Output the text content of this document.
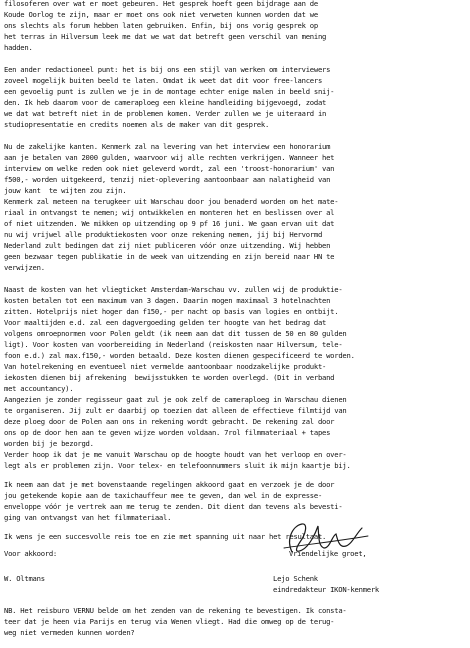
filosoferen over wat er moet gebeuren. Het gesprek hoeft geen bijdrage aan de
Koude Oorlog te zijn, maar er moet ons ook niet verweten kunnen worden dat we
ons slechts als forum hebben laten gebruiken. Enfin, bij ons vorig gesprek op
het terras in Hilversum leek me dat we wat dat betreft geen verschil van mening
hadden.
Een ander redactioneel punt: het is bij ons een stijl van werken om interviewers
zoveel mogelijk buiten beeld te laten. Omdat ik weet dat dit voor free-lancers
een gevoelig punt is zullen we je in de montage echter enige malen in beeld snij-
den. Ik heb daarom voor de cameraploeg een kleine handleiding bijgevoegd, zodat
we dat wat betreft niet in de problemen komen. Verder zullen we je uiteraard in
studiopresentatie en credits noemen als de maker van dit gesprek.
Nu de zakelijke kanten. Kenmerk zal na levering van het interview een honorarium
aan je betalen van 2000 gulden, waarvoor wij alle rechten verkrijgen. Wanneer het
interview om welke reden ook niet geleverd wordt, zal een 'troost-honorarium' van
f500,- worden uitgekeerd, tenzij niet-oplevering aantoonbaar aan nalatigheid van
jouw kant  te wijten zou zijn.
Kenmerk zal meteen na terugkeer uit Warschau door jou benaderd worden om het mate-
riaal in ontvangst te nemen; wij ontwikkelen en monteren het en beslissen over al
of niet uitzenden. We mikken op uitzending op 9 pf 16 juni. We gaan ervan uit dat
nu wij vrijwel alle produktiekosten voor onze rekening nemen, jij bij Hervormd
Nederland zult bedingen dat zij niet publiceren vóór onze uitzending. Wij hebben
geen bezwaar tegen publikatie in de week van uitzending en zijn bereid naar HN te
verwijzen.
Naast de kosten van het vliegticket Amsterdam-Warschau vv. zullen wij de produktie-
kosten betalen tot een maximum van 3 dagen. Daarin mogen maximaal 3 hotelnachten
zitten. Hotelprijs niet hoger dan f150,- per nacht op basis van logies en ontbijt.
Voor maaltijden e.d. zal een dagvergoeding gelden ter hoogte van het bedrag dat
volgens omroepnormen voor Polen geldt (ik neem aan dat dit tussen de 50 en 80 gulden
ligt). Voor kosten van voorbereiding in Nederland (reiskosten naar Hilversum, tele-
foon e.d.) zal max.f150,- worden betaald. Deze kosten dienen gespecificeerd te worden.
Van hotelrekening en eventueel niet vermelde aantoonbaar noodzakelijke produkt-
iekosten dienen bij afrekening  bewijsstukken te worden overlegd. (Dit in verband
met accountancy).
Aangezien je zonder regisseur gaat zul je ook zelf de cameraploeg in Warschau dienen
te organiseren. Jij zult er daarbij op toezien dat alleen de effectieve filmtijd van
deze ploeg door de Polen aan ons in rekening wordt gebracht. De rekening zal door
ons op de door hen aan te geven wijze worden voldaan. 7rol filmmateriaal + tapes
worden bij je bezorgd.
Verder hoop ik dat je me vanuit Warschau op de hoogte houdt van het verloop en over-
legt als er problemen zijn. Voor telex- en telefoonnummers sluit ik mijn kaartje bij.
Ik neem aan dat je met bovenstaande regelingen akkoord gaat en verzoek je de door
jou getekende kopie aan de taxichauffeur mee te geven, dan wel in de expresse-
enveloppe vóór je vertrek aan me terug te zenden. Dit dient dan tevens als bevesti-
ging van ontvangst van het filmmateriaal.
Ik wens je een succesvolle reis toe en zie met spanning uit naar het resultaat.
Voor akkoord:	Vriendelijke groet,
W. Oltmans	Lejo Schenk
eindredakteur IKON-kenmerk
NB. Het reisburo VERNU belde om het zenden van de rekening te bevestigen. Ik consta-
teer dat je heen via Parijs en terug via Wenen vliegt. Had die omweg op de terug-
weg niet vermeden kunnen worden?
